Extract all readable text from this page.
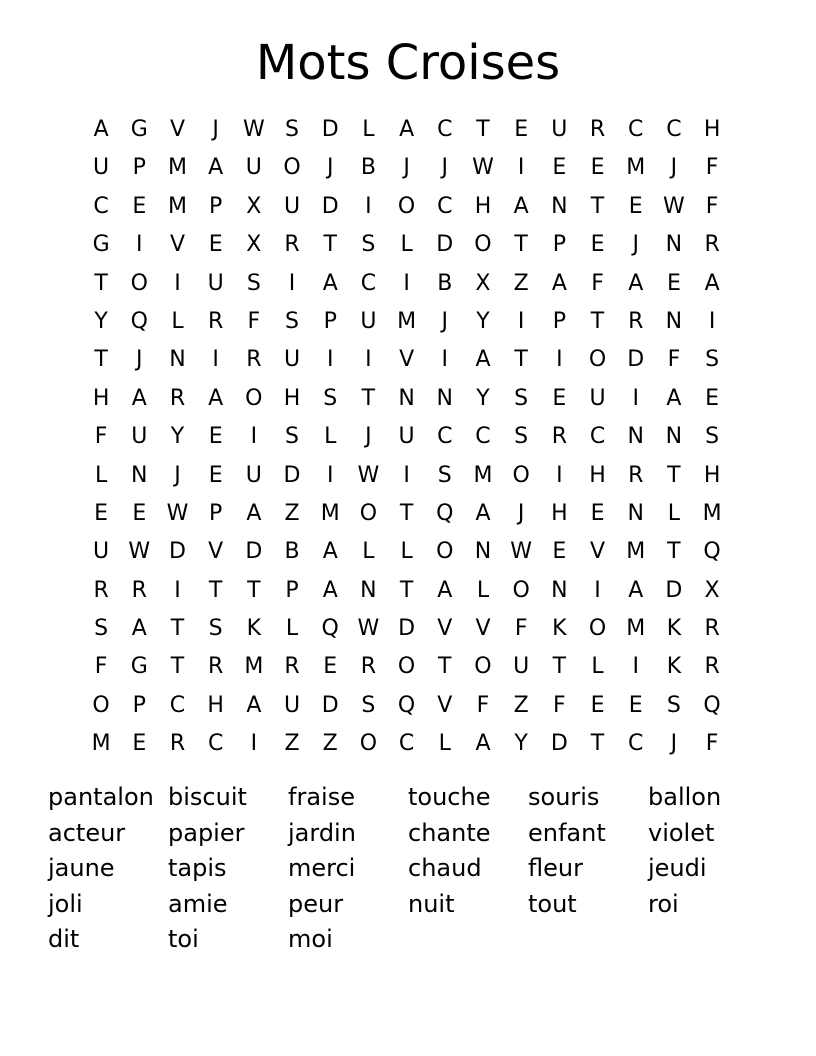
Mots Croises
A	G	V	J	W S	D	L	A	C	T	E	U	R	C	C	H
U	P	M A	U O	J	B	J	J	W	I	E	E M	J	F
C	E M	P	X	U D	I	O C	H	A	N	T	E W F
G	I	V	E	X	R	T	S	L	D O	T	P	E	J	N	R
T	O	I	U	S	I	A	C	I	B	X	Z	A	F	A	E	A
Y	Q	L	R	F	S	P	U M	J	Y	I	P	T	R	N	I
T	J	N	I	R	U	I	I	V	I	A	T	I	O D	F	S
H	A	R	A O H	S	T	N N	Y	S	E	U	I	A	E
F	U	Y	E	I	S	L	J	U	C	C	S	R	C	N N	S
L	N	J	E	U D	I	W	I	S M O	I	H	R	T	H
E	E W P	A	Z M O	T	Q	A	J	H	E	N	L	M
U W D	V	D	B	A	L	L	O N W E	V M T	Q
R	R	I	T	T	P	A	N	T	A	L	O N	I	A	D	X
S	A	T	S	K	L	Q W D	V	V	F	K	O M K	R
F	G	T	R M R	E	R O	T	O U	T	L	I	K	R
O	P	C	H	A	U D	S	Q	V	F	Z	F	E	E	S	Q
M E	R	C	I	Z	Z O C	L	A	Y	D	T	C	J	F
pantalon biscuit	fraise	touche	souris	ballon
acteur	papier	jardin	chante	enfant	violet
jaune	tapis	merci	chaud	fleur	jeudi
joli	amie	peur	nuit	tout	roi
dit	toi	moi
